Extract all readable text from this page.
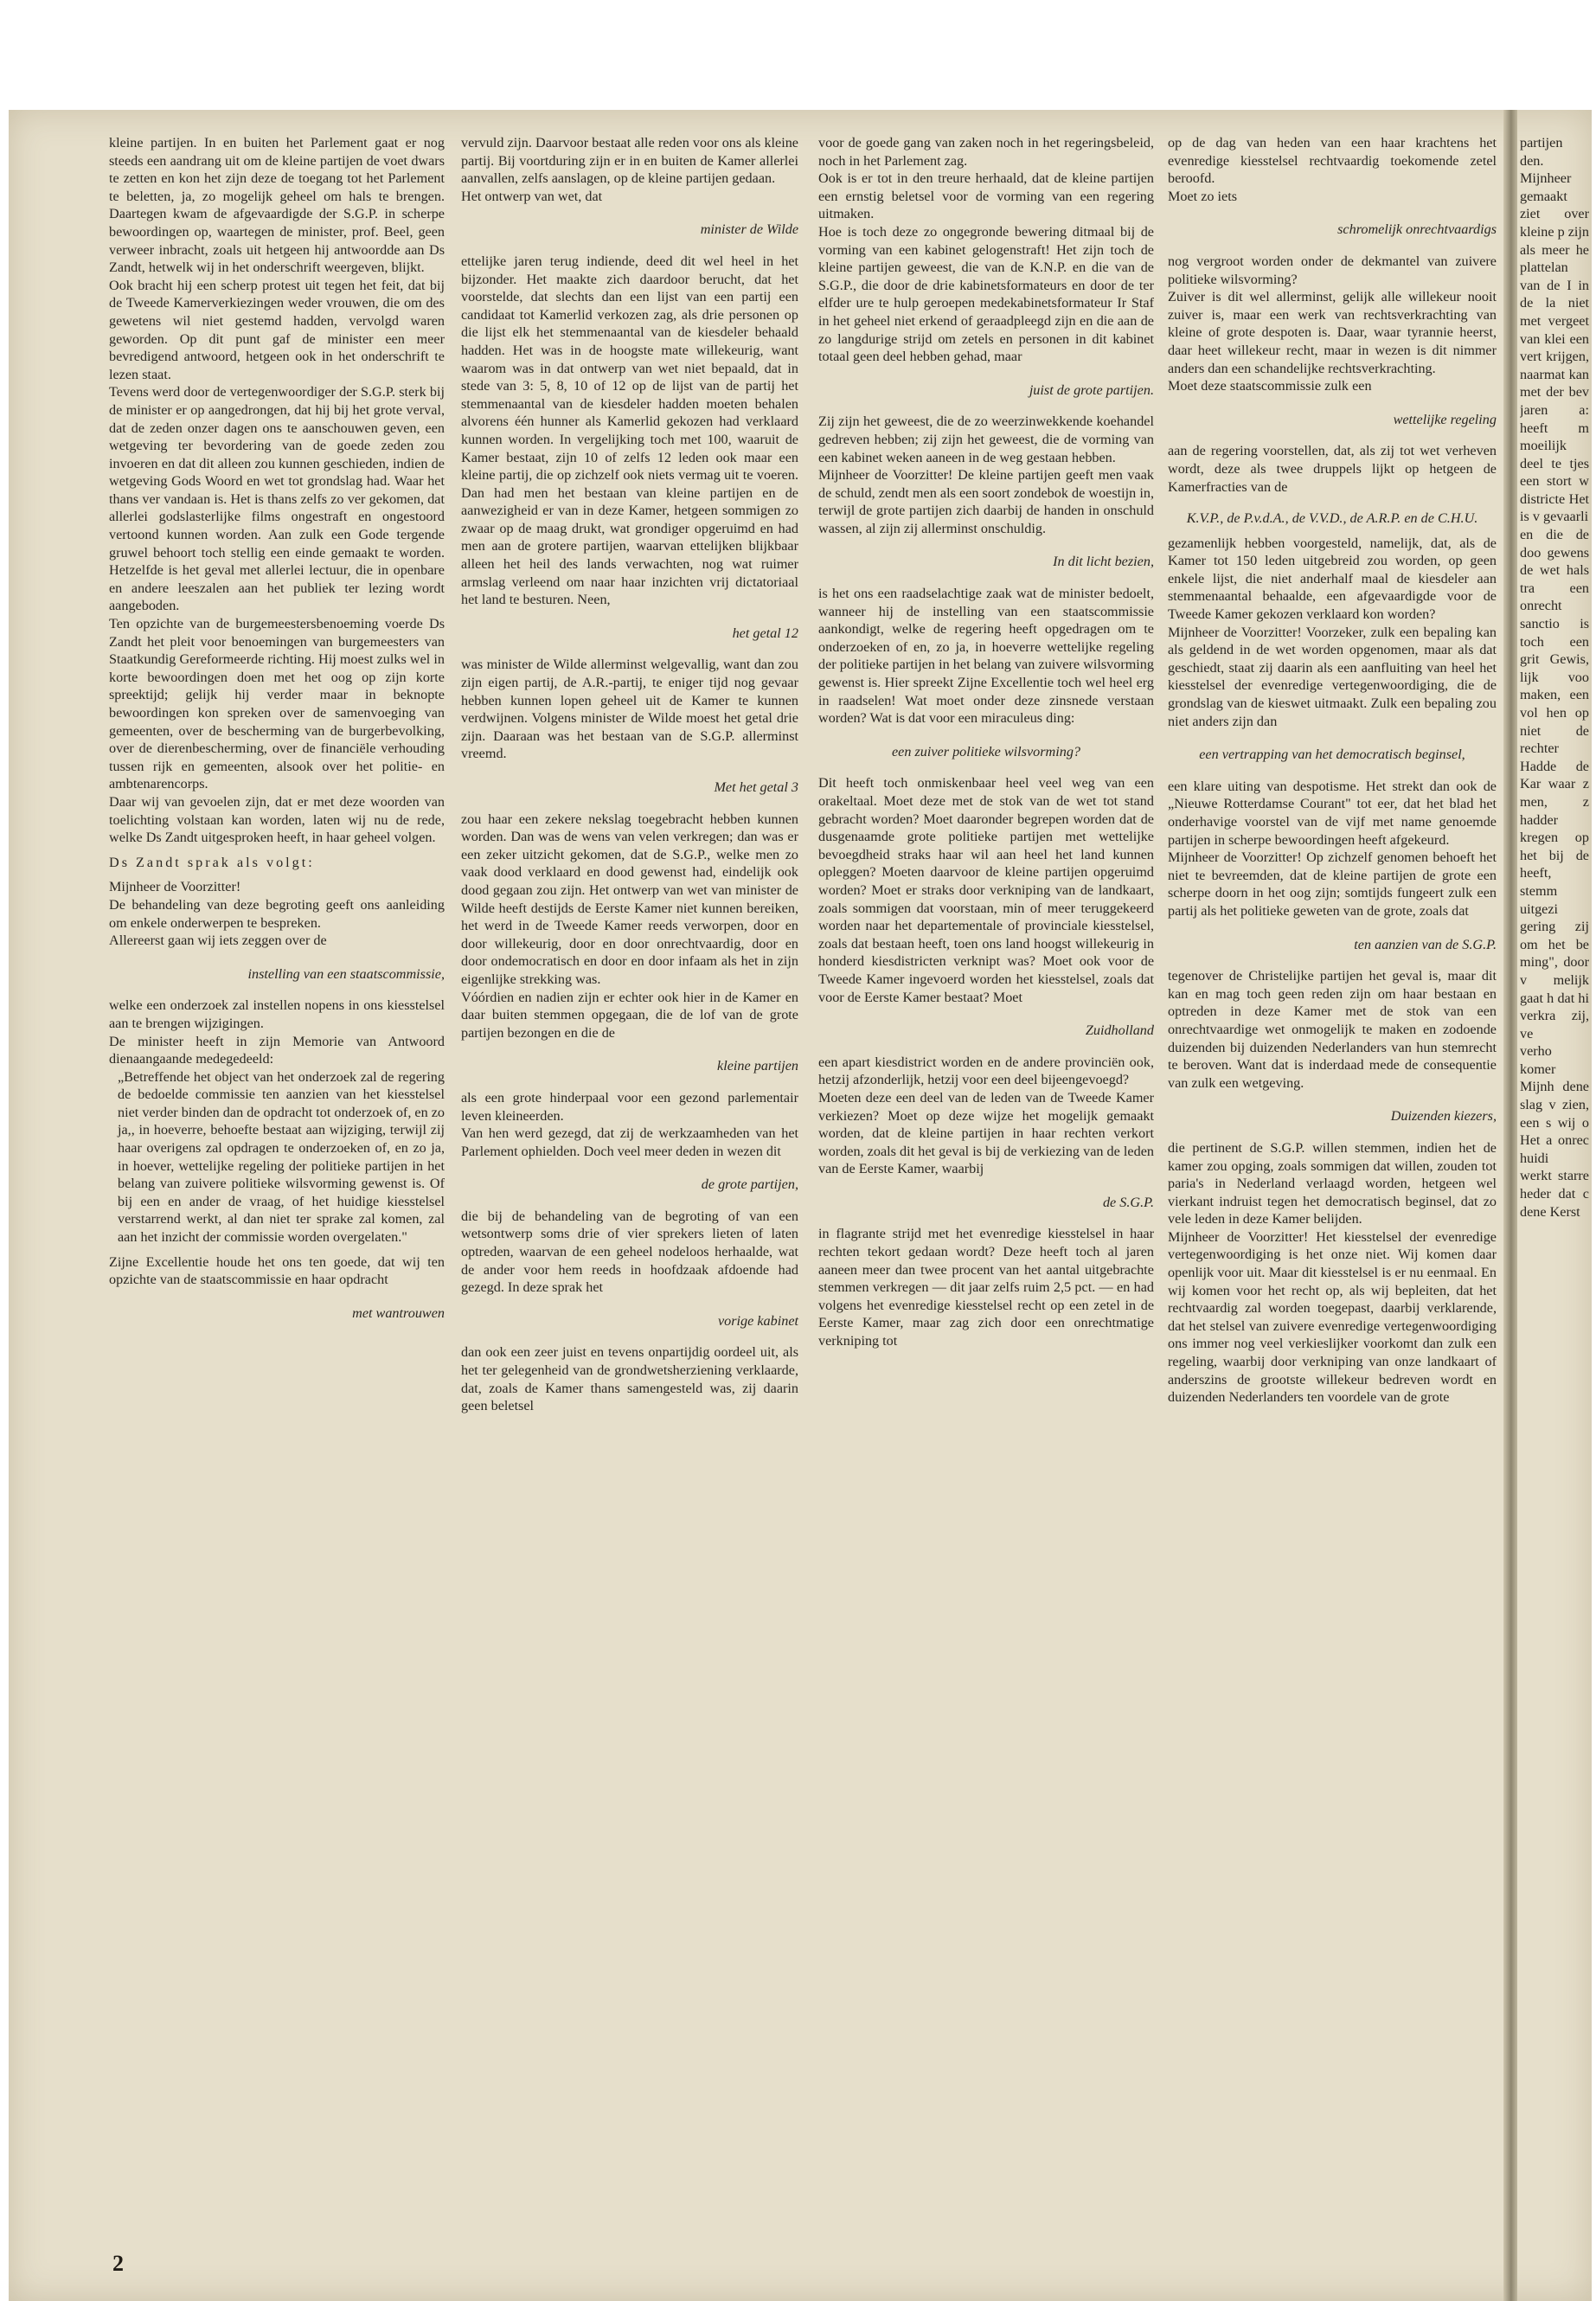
kleine partijen. In en buiten het Parlement gaat er nog steeds een aandrang uit om de kleine partijen de voet dwars te zetten en kon het zijn deze de toegang tot het Parlement te beletten, ja, zo mogelijk geheel om hals te brengen. Daartegen kwam de afgevaardigde der S.G.P. in scherpe bewoordingen op, waartegen de minister, prof. Beel, geen verweer inbracht, zoals uit hetgeen hij antwoordde aan Ds Zandt, hetwelk wij in het onderschrift weergeven, blijkt.

Ook bracht hij een scherp protest uit tegen het feit, dat bij de Tweede Kamerverkiezingen weder vrouwen, die om des gewetens wil niet gestemd hadden, vervolgd waren geworden. Op dit punt gaf de minister een meer bevredigend antwoord, hetgeen ook in het onderschrift te lezen staat.

Tevens werd door de vertegenwoordiger der S.G.P. sterk bij de minister er op aangedrongen, dat hij bij het grote verval, dat de zeden onzer dagen ons te aanschouwen geven, een wetgeving ter bevordering van de goede zeden zou invoeren en dat dit alleen zou kunnen geschieden, indien de wetgeving Gods Woord en wet tot grondslag had. Waar het thans ver vandaan is. Het is thans zelfs zo ver gekomen, dat allerlei godslasterlijke films ongestraft en ongestoord vertoond kunnen worden. Aan zulk een Gode tergende gruwel behoort toch stellig een einde gemaakt te worden. Hetzelfde is het geval met allerlei lectuur, die in openbare en andere leeszalen aan het publiek ter lezing wordt aangeboden.

Ten opzichte van de burgemeestersbenoeming voerde Ds Zandt het pleit voor benoemingen van burgemeesters van Staatkundig Gereformeerde richting. Hij moest zulks wel in korte bewoordingen doen met het oog op zijn korte spreektijd; gelijk hij verder maar in beknopte bewoordingen kon spreken over de samenvoeging van gemeenten, over de bescherming van de burgerbevolking, over de dierenbescherming, over de financiële verhouding tussen rijk en gemeenten, alsook over het politie- en ambtenarencorps.

Daar wij van gevoelen zijn, dat er met deze woorden van toelichting volstaan kan worden, laten wij nu de rede, welke Ds Zandt uitgesproken heeft, in haar geheel volgen.

Ds Zandt sprak als volgt:

Mijnheer de Voorzitter!

De behandeling van deze begroting geeft ons aanleiding om enkele onderwerpen te bespreken.

Allereerst gaan wij iets zeggen over de

instelling van een staatscommissie,

welke een onderzoek zal instellen nopens in ons kiesstelsel aan te brengen wijzigingen.

De minister heeft in zijn Memorie van Antwoord dienaangaande medegedeeld:

„Betreffende het object van het onderzoek zal de regering de bedoelde commissie ten aanzien van het kiesstelsel niet verder binden dan de opdracht tot onderzoek of, en zo ja,, in hoeverre, behoefte bestaat aan wijziging, terwijl zij haar overigens zal opdragen te onderzoeken of, en zo ja, in hoever, wettelijke regeling der politieke partijen in het belang van zuivere politieke wilsvorming gewenst is. Of bij een en ander de vraag, of het huidige kiesstelsel verstarrend werkt, al dan niet ter sprake zal komen, zal aan het inzicht der commissie worden overgelaten."

Zijne Excellentie houde het ons ten goede, dat wij ten opzichte van de staatscommissie en haar opdracht

met wantrouwen

vervuld zijn. Daarvoor bestaat alle reden voor ons als kleine partij. Bij voortduring zijn er in en buiten de Kamer allerlei aanvallen, zelfs aanslagen, op de kleine partijen gedaan.

Het ontwerp van wet, dat

minister de Wilde

ettelijke jaren terug indiende, deed dit wel heel in het bijzonder. Het maakte zich daardoor berucht, dat het voorstelde, dat slechts dan een lijst van een partij een candidaat tot Kamerlid verkozen zag, als drie personen op die lijst elk het stemmenaantal van de kiesdeler behaald hadden. Het was in de hoogste mate willekeurig, want waarom was in dat ontwerp van wet niet bepaald, dat in stede van 3: 5, 8, 10 of 12 op de lijst van de partij het stemmenaantal van de kiesdeler hadden moeten behalen alvorens één hunner als Kamerlid gekozen had verklaard kunnen worden. In vergelijking toch met 100, waaruit de Kamer bestaat, zijn 10 of zelfs 12 leden ook maar een kleine partij, die op zichzelf ook niets vermag uit te voeren. Dan had men het bestaan van kleine partijen en de aanwezigheid er van in deze Kamer, hetgeen sommigen zo zwaar op de maag drukt, wat grondiger opgeruimd en had men aan de grotere partijen, waarvan ettelijken blijkbaar alleen het heil des lands verwachten, nog wat ruimer armslag verleend om naar haar inzichten vrij dictatoriaal het land te besturen. Neen,

het getal 12

was minister de Wilde allerminst welgevallig, want dan zou zijn eigen partij, de A.R.-partij, te eniger tijd nog gevaar hebben kunnen lopen geheel uit de Kamer te kunnen verdwijnen. Volgens minister de Wilde moest het getal drie zijn. Daaraan was het bestaan van de S.G.P. allerminst vreemd.

Met het getal 3

zou haar een zekere nekslag toegebracht hebben kunnen worden. Dan was de wens van velen verkregen; dan was er een zeker uitzicht gekomen, dat de S.G.P., welke men zo vaak dood verklaard en dood gewenst had, eindelijk ook dood gegaan zou zijn. Het ontwerp van wet van minister de Wilde heeft destijds de Eerste Kamer niet kunnen bereiken, het werd in de Tweede Kamer reeds verworpen, door en door willekeurig, door en door onrechtvaardig, door en door ondemocratisch en door en door infaam als het in zijn eigenlijke strekking was.

Vóórdien en nadien zijn er echter ook hier in de Kamer en daar buiten stemmen opgegaan, die de lof van de grote partijen bezongen en die de

kleine partijen

als een grote hinderpaal voor een gezond parlementair leven kleineerden.

Van hen werd gezegd, dat zij de werkzaamheden van het Parlement ophielden. Doch veel meer deden in wezen dit

de grote partijen,

die bij de behandeling van de begroting of van een wetsontwerp soms drie of vier sprekers lieten of laten optreden, waarvan de een geheel nodeloos herhaalde, wat de ander voor hem reeds in hoofdzaak afdoende had gezegd. In deze sprak het

vorige kabinet

dan ook een zeer juist en tevens onpartijdig oordeel uit, als het ter gelegenheid van de grondwetsherziening verklaarde, dat, zoals de Kamer thans samengesteld was, zij daarin geen beletsel

voor de goede gang van zaken noch in het regeringsbeleid, noch in het Parlement zag.

Ook is er tot in den treure herhaald, dat de kleine partijen een ernstig beletsel voor de vorming van een regering uitmaken.

Hoe is toch deze zo ongegronde bewering ditmaal bij de vorming van een kabinet gelogenstraft! Het zijn toch de kleine partijen geweest, die van de K.N.P. en die van de S.G.P., die door de drie kabinetsformateurs en door de ter elfder ure te hulp geroepen medekabinetsformateur Ir Staf in het geheel niet erkend of geraadpleegd zijn en die aan de zo langdurige strijd om zetels en personen in dit kabinet totaal geen deel hebben gehad, maar

juist de grote partijen.

Zij zijn het geweest, die de zo weerzinwekkende koehandel gedreven hebben; zij zijn het geweest, die de vorming van een kabinet weken aaneen in de weg gestaan hebben.

Mijnheer de Voorzitter! De kleine partijen geeft men vaak de schuld, zendt men als een soort zondebok de woestijn in, terwijl de grote partijen zich daarbij de handen in onschuld wassen, al zijn zij allerminst onschuldig.

In dit licht bezien,

is het ons een raadselachtige zaak wat de minister bedoelt, wanneer hij de instelling van een staatscommissie aankondigt, welke de regering heeft opgedragen om te onderzoeken of en, zo ja, in hoeverre wettelijke regeling der politieke partijen in het belang van zuivere wilsvorming gewenst is. Hier spreekt Zijne Excellentie toch wel heel erg in raadselen! Wat moet onder deze zinsnede verstaan worden? Wat is dat voor een miraculeus ding:

een zuiver politieke wilsvorming?

Dit heeft toch onmiskenbaar heel veel weg van een orakeltaal. Moet deze met de stok van de wet tot stand gebracht worden? Moet daaronder begrepen worden dat de dusgenaamde grote politieke partijen met wettelijke bevoegdheid straks haar wil aan heel het land kunnen opleggen? Moeten daarvoor de kleine partijen opgeruimd worden? Moet er straks door verkniping van de landkaart, zoals sommigen dat voorstaan, min of meer teruggekeerd worden naar het departementale of provinciale kiesstelsel, zoals dat bestaan heeft, toen ons land hoogst willekeurig in honderd kiesdistricten verknipt was? Moet ook voor de Tweede Kamer ingevoerd worden het kiesstelsel, zoals dat voor de Eerste Kamer bestaat? Moet

Zuidholland

een apart kiesdistrict worden en de andere provinciën ook, hetzij afzonderlijk, hetzij voor een deel bijeengevoegd?

Moeten deze een deel van de leden van de Tweede Kamer verkiezen? Moet op deze wijze het mogelijk gemaakt worden, dat de kleine partijen in haar rechten verkort worden, zoals dit het geval is bij de verkiezing van de leden van de Eerste Kamer, waarbij

de S.G.P.

in flagrante strijd met het evenredige kiesstelsel in haar rechten tekort gedaan wordt? Deze heeft toch al jaren aaneen meer dan twee procent van het aantal uitgebrachte stemmen verkregen — dit jaar zelfs ruim 2,5 pct. — en had volgens het evenredige kiesstelsel recht op een zetel in de Eerste Kamer, maar zag zich door een onrechtmatige verkniping tot

op de dag van heden van een haar krachtens het evenredige kiesstelsel rechtvaardig toekomende zetel beroofd.

Moet zo iets

schromelijk onrechtvaardigs

nog vergroot worden onder de dekmantel van zuivere politieke wilsvorming?

Zuiver is dit wel allerminst, gelijk alle willekeur nooit zuiver is, maar een werk van rechtsverkrachting van kleine of grote despoten is. Daar, waar tyrannie heerst, daar heet willekeur recht, maar in wezen is dit nimmer anders dan een schandelijke rechtsverkrachting.

Moet deze staatscommissie zulk een

wettelijke regeling

aan de regering voorstellen, dat, als zij tot wet verheven wordt, deze als twee druppels lijkt op hetgeen de Kamerfracties van de

K.V.P., de P.v.d.A., de V.V.D., de A.R.P. en de C.H.U.

gezamenlijk hebben voorgesteld, namelijk, dat, als de Kamer tot 150 leden uitgebreid zou worden, op geen enkele lijst, die niet anderhalf maal de kiesdeler aan stemmenaantal behaalde, een afgevaardigde voor de Tweede Kamer gekozen verklaard kon worden?

Mijnheer de Voorzitter! Voorzeker, zulk een bepaling kan als geldend in de wet worden opgenomen, maar als dat geschiedt, staat zij daarin als een aanfluiting van heel het kiesstelsel der evenredige vertegenwoordiging, die de grondslag van de kieswet uitmaakt. Zulk een bepaling zou niet anders zijn dan

een vertrapping van het democratisch beginsel,

een klare uiting van despotisme. Het strekt dan ook de „Nieuwe Rotterdamse Courant" tot eer, dat het blad het onderhavige voorstel van de vijf met name genoemde partijen in scherpe bewoordingen heeft afgekeurd.

Mijnheer de Voorzitter! Op zichzelf genomen behoeft het niet te bevreemden, dat de kleine partijen de grote een scherpe doorn in het oog zijn; somtijds fungeert zulk een partij als het politieke geweten van de grote, zoals dat

ten aanzien van de S.G.P.

tegenover de Christelijke partijen het geval is, maar dit kan en mag toch geen reden zijn om haar bestaan en optreden in deze Kamer met de stok van een onrechtvaardige wet onmogelijk te maken en zodoende duizenden bij duizenden Nederlanders van hun stemrecht te beroven. Want dat is inderdaad mede de consequentie van zulk een wetgeving.

Duizenden kiezers,

die pertinent de S.G.P. willen stemmen, indien het de kamer zou opging, zoals sommigen dat willen, zouden tot paria's in Nederland verlaagd worden, hetgeen wel vierkant indruist tegen het democratisch beginsel, dat zo vele leden in deze Kamer belijden.

Mijnheer de Voorzitter! Het kiesstelsel der evenredige vertegenwoordiging is het onze niet. Wij komen daar openlijk voor uit. Maar dit kiesstelsel is er nu eenmaal. En wij komen voor het recht op, als wij bepleiten, dat het rechtvaardig zal worden toegepast, daarbij verklarende, dat het stelsel van zuivere evenredige vertegenwoordiging ons immer nog veel verkieslijker voorkomt dan zulk een regeling, waarbij door verkniping van onze landkaart of anderszins de grootste willekeur bedreven wordt en duizenden Nederlanders ten voordele van de grote

partijen den. Mijnheer

gemaakt ziet over kleine p zijn als meer he plattelan van de I in de la niet met vergeet van klei een vert krijgen, naarmat kan met der bev jaren a: heeft m moeilijk deel te tjes een stort w districte Het is v gevaarli

en die de doo gewens de wet hals tra een onrecht sanctio is toch een grit Gewis, lijk voo maken, een vol hen op niet de rechter

Hadde de Kar waar z men, z hadder kregen op het bij de heeft, stemm uitgezi gering zij om het be ming", door v melijk gaat h dat hi verkra zij, ve

verho komer Mijnh dene slag v zien, een s wij o Het a onrec huidi

werkt starre heder dat c dene Kerst

2
